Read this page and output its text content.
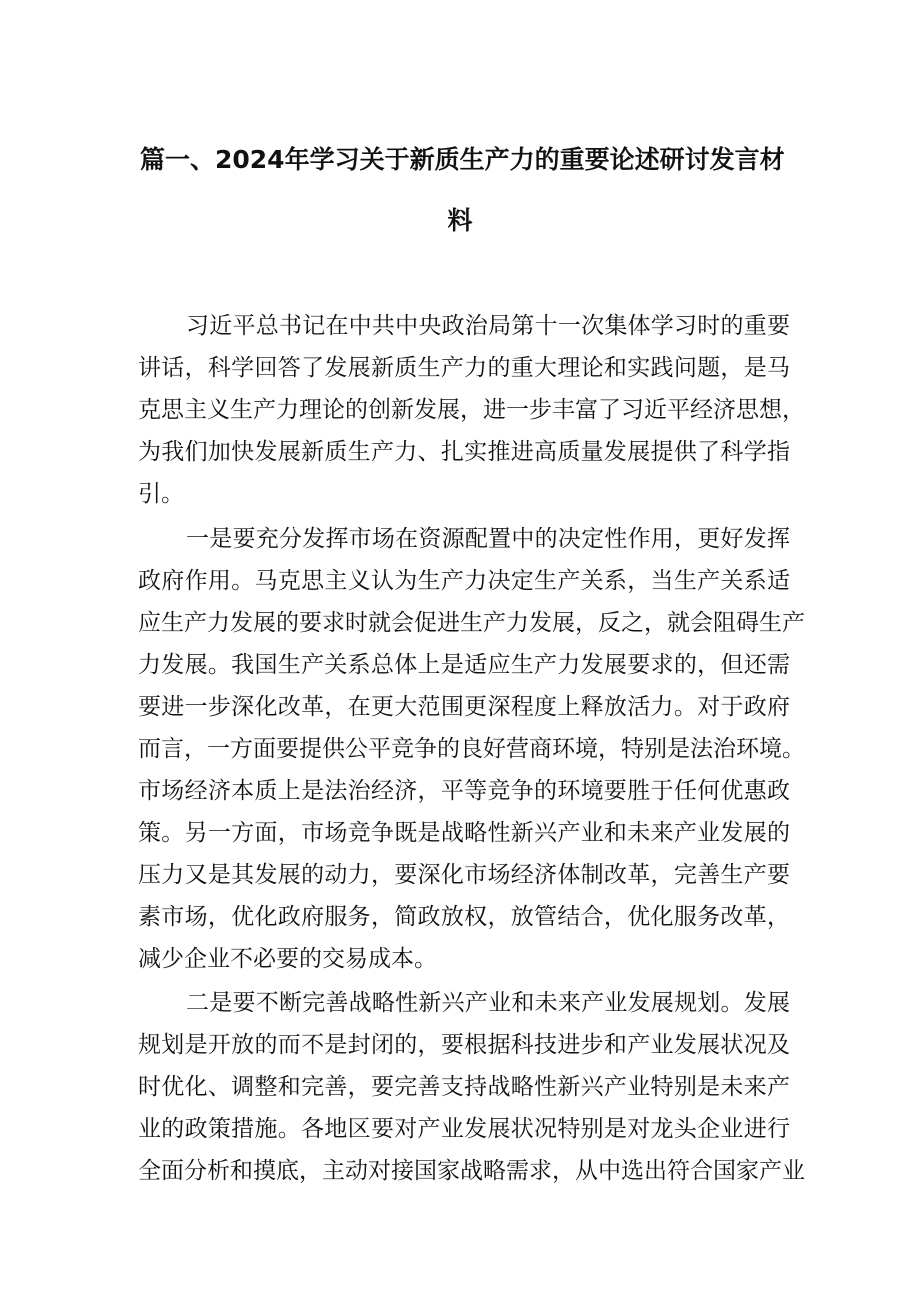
篇一、2024年学习关于新质生产力的重要论述研讨发言材
料
习近平总书记在中共中央政治局第十一次集体学习时的重要
讲话，科学回答了发展新质生产力的重大理论和实践问题，是马
克思主义生产力理论的创新发展，进一步丰富了习近平经济思想，
为我们加快发展新质生产力、扎实推进高质量发展提供了科学指
引。
一是要充分发挥市场在资源配置中的决定性作用，更好发挥
政府作用。马克思主义认为生产力决定生产关系，当生产关系适
应生产力发展的要求时就会促进生产力发展，反之，就会阻碍生产
力发展。我国生产关系总体上是适应生产力发展要求的，但还需
要进一步深化改革，在更大范围更深程度上释放活力。对于政府
而言，一方面要提供公平竞争的良好营商环境，特别是法治环境。
市场经济本质上是法治经济，平等竞争的环境要胜于任何优惠政
策。另一方面，市场竞争既是战略性新兴产业和未来产业发展的
压力又是其发展的动力，要深化市场经济体制改革，完善生产要
素市场，优化政府服务，简政放权，放管结合，优化服务改革，
减少企业不必要的交易成本。
二是要不断完善战略性新兴产业和未来产业发展规划。发展
规划是开放的而不是封闭的，要根据科技进步和产业发展状况及
时优化、调整和完善，要完善支持战略性新兴产业特别是未来产
业的政策措施。各地区要对产业发展状况特别是对龙头企业进行
全面分析和摸底，主动对接国家战略需求，从中选出符合国家产业
